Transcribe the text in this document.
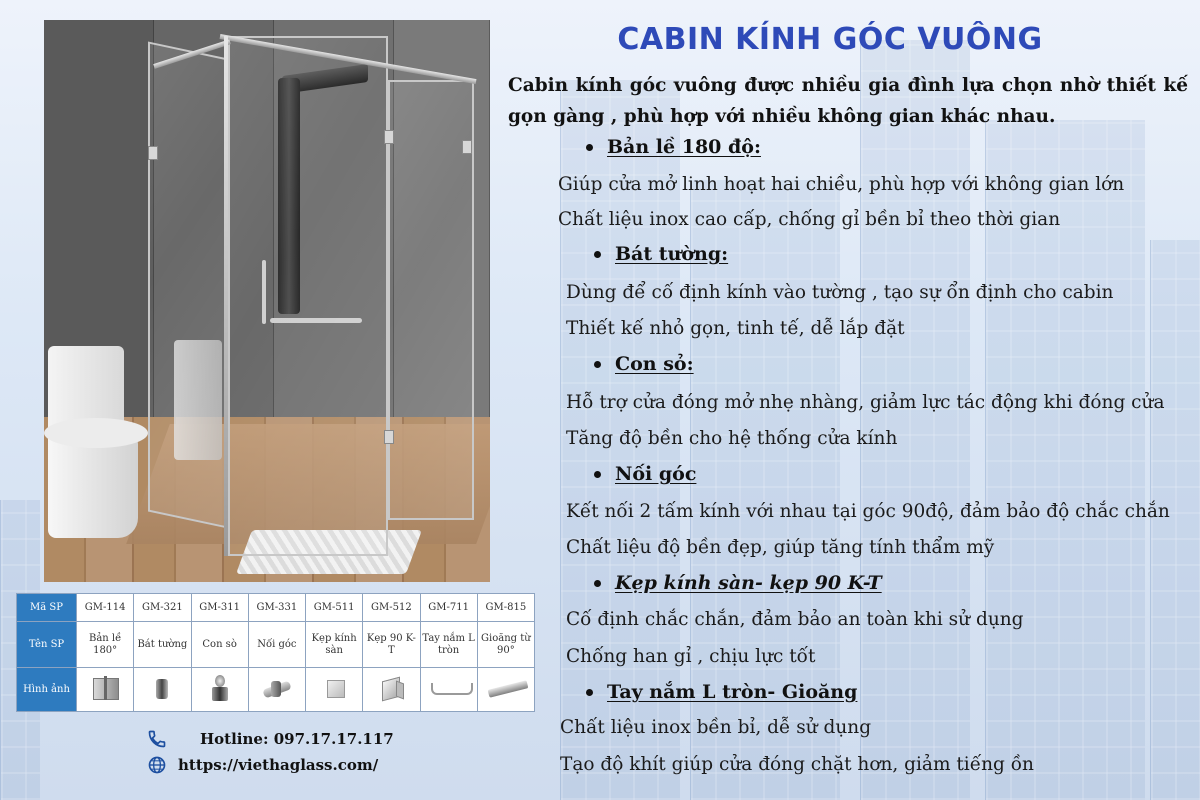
Mã SP	GM-114	GM-321	GM-311	GM-331	GM-511	GM-512	GM-711	GM-815
Tên SP	Bản lề 180°	Bát tường	Con sò	Nối góc	Kẹp kính sàn	Kẹp 90 K-T	Tay nắm L tròn	Gioăng từ 90°
Hình ảnh								
Hotline: 097.17.17.117
https://viethaglass.com/
CABIN KÍNH GÓC VUÔNG
Cabin kính góc vuông được nhiều gia đình lựa chọn nhờ thiết kế gọn gàng , phù hợp với nhiều không gian khác nhau.
Bản lề 180 độ:
Giúp cửa mở linh hoạt hai chiều, phù hợp với không gian lớn
Chất liệu inox cao cấp, chống gỉ bền bỉ theo thời gian
Bát tường:
Dùng để cố định kính vào tường , tạo sự ổn định cho cabin
Thiết kế nhỏ gọn, tinh tế, dễ lắp đặt
Con sỏ:
Hỗ trợ cửa đóng mở nhẹ nhàng, giảm lực tác động khi đóng cửa
Tăng độ bền cho hệ thống cửa kính
Nối góc
Kết nối 2 tấm kính với nhau tại góc 90độ, đảm bảo độ chắc chắn
Chất liệu độ bền đẹp, giúp tăng tính thẩm mỹ
Kẹp kính sàn- kẹp 90 K-T
Cố định chắc chắn, đảm bảo an toàn khi sử dụng
Chống han gỉ , chịu lực tốt
Tay nắm L tròn- Gioăng
Chất liệu inox bền bỉ, dễ sử dụng
Tạo độ khít giúp cửa đóng chặt hơn, giảm tiếng ồn
